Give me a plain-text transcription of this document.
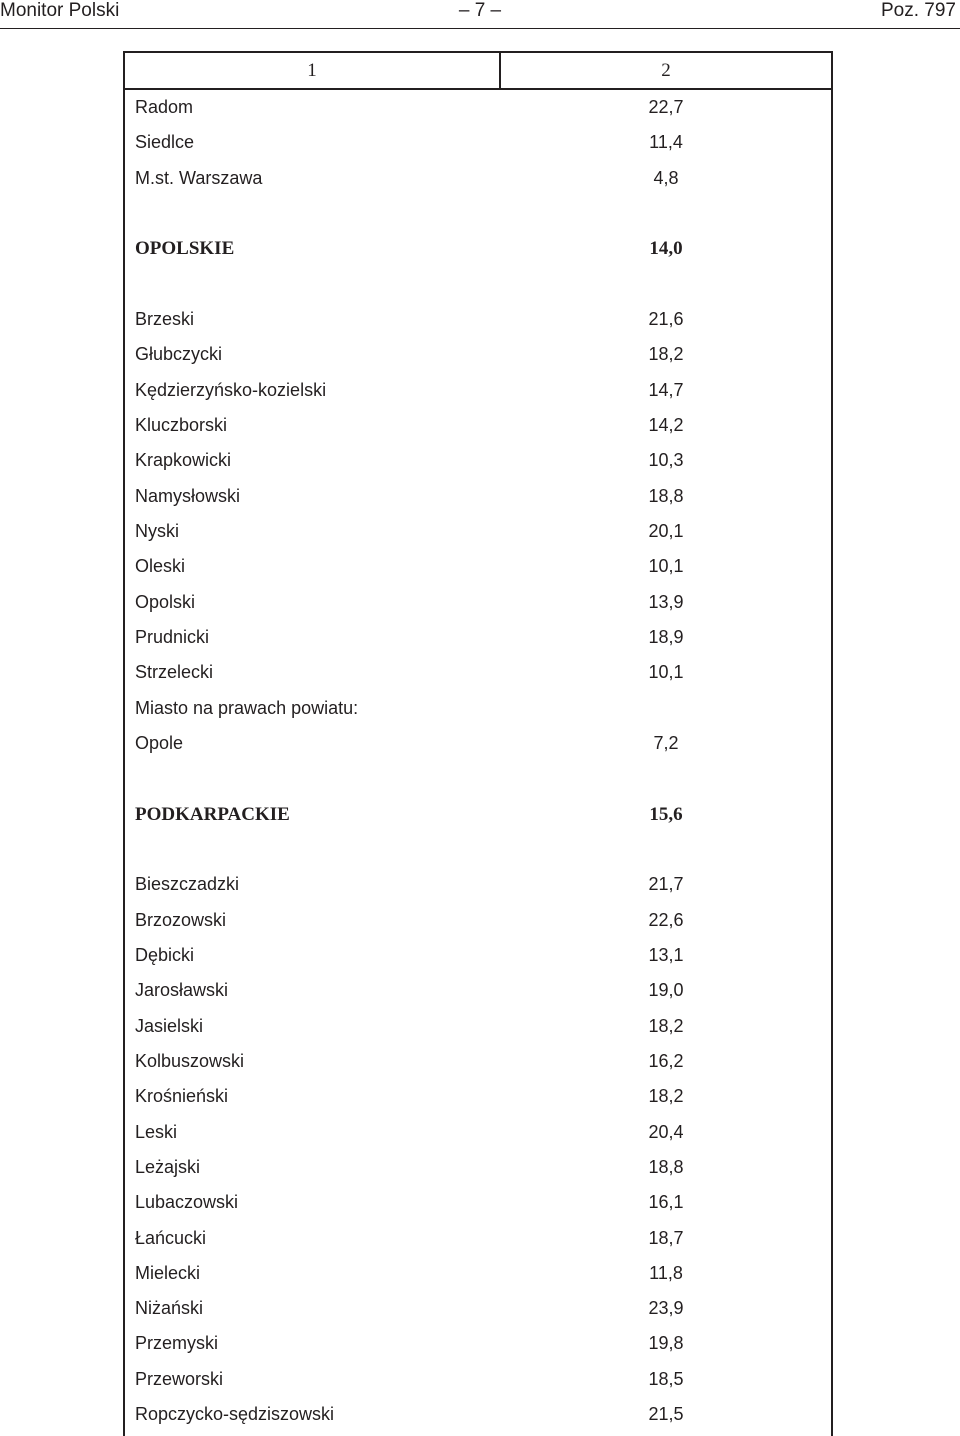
Monitor Polski	– 7 –	Poz. 797
1	2
Radom	22,7
Siedlce	11,4
M.st. Warszawa	4,8
OPOLSKIE	14,0
Brzeski	21,6
Głubczycki	18,2
Kędzierzyńsko-kozielski	14,7
Kluczborski	14,2
Krapkowicki	10,3
Namysłowski	18,8
Nyski	20,1
Oleski	10,1
Opolski	13,9
Prudnicki	18,9
Strzelecki	10,1
Miasto na prawach powiatu:
Opole	7,2
PODKARPACKIE	15,6
Bieszczadzki	21,7
Brzozowski	22,6
Dębicki	13,1
Jarosławski	19,0
Jasielski	18,2
Kolbuszowski	16,2
Krośnieński	18,2
Leski	20,4
Leżajski	18,8
Lubaczowski	16,1
Łańcucki	18,7
Mielecki	11,8
Niżański	23,9
Przemyski	19,8
Przeworski	18,5
Ropczycko-sędziszowski	21,5
